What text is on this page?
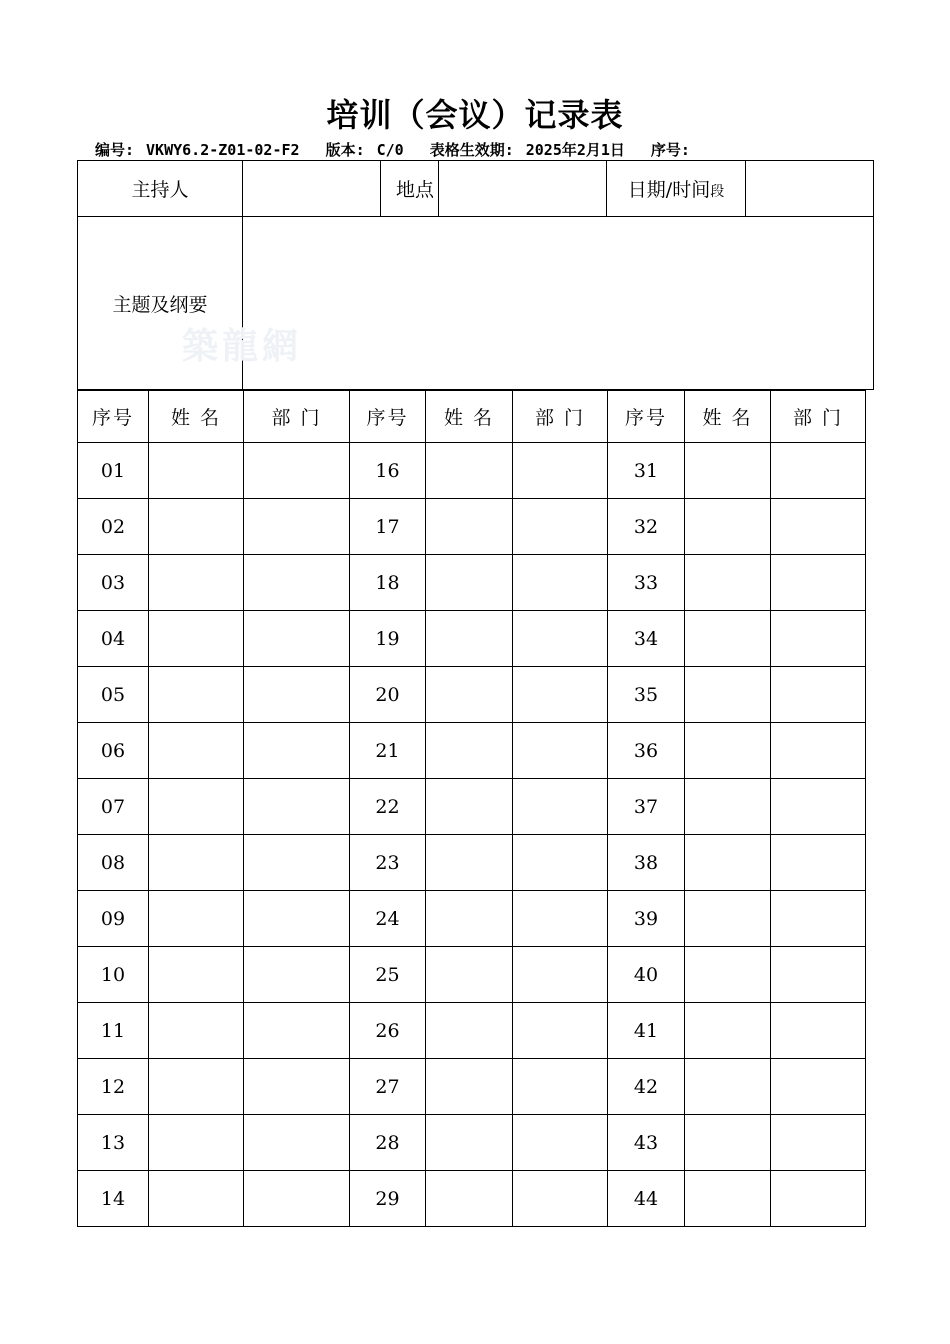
培训（会议）记录表
编号: VKWY6.2-Z01-02-F2 版本: C/0 表格生效期: 2025年2月1日 序号:
主持人		地点		日期/时间段	
主题及纲要					
築龍網
序号	姓 名	部 门	序号	姓 名	部 门	序号	姓 名	部 门
01			16			31		
02			17			32		
03			18			33		
04			19			34		
05			20			35		
06			21			36		
07			22			37		
08			23			38		
09			24			39		
10			25			40		
11			26			41		
12			27			42		
13			28			43		
14			29			44		
